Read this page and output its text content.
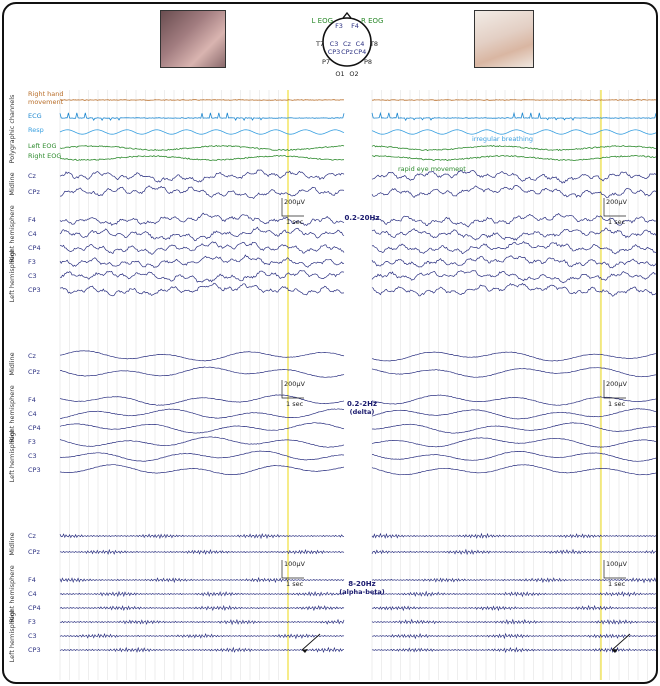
L EOG	R EOG
F3 F4
T7 C3 Cz C4 T8
CP3 CPz CP4
P7	P8
O1 O2
Right hand
movement
ECG
Resp
Left EOG
Right EOG
Polygraphic channels	irregular breathing
rapid eye movement
Cz
CPz
Midline
F4
C4
CP4
Right hemisphere F3
C3
CP3
Left hemisphere
200μV
1 sec
200μV
1 sec
0.2-20Hz
Cz
CPz
Midline
F4
C4
CP4
Right hemisphere F3
C3
CP3
Left hemisphere
200μV
1 sec
200μV
1 sec
0.2-2Hz
(delta)
Cz
CPz
Midline
F4
C4
CP4
Right hemisphere F3
C3
CP3
Left hemisphere
100μV
1 sec
100μV
1 sec
8-20Hz
(alpha-beta)
